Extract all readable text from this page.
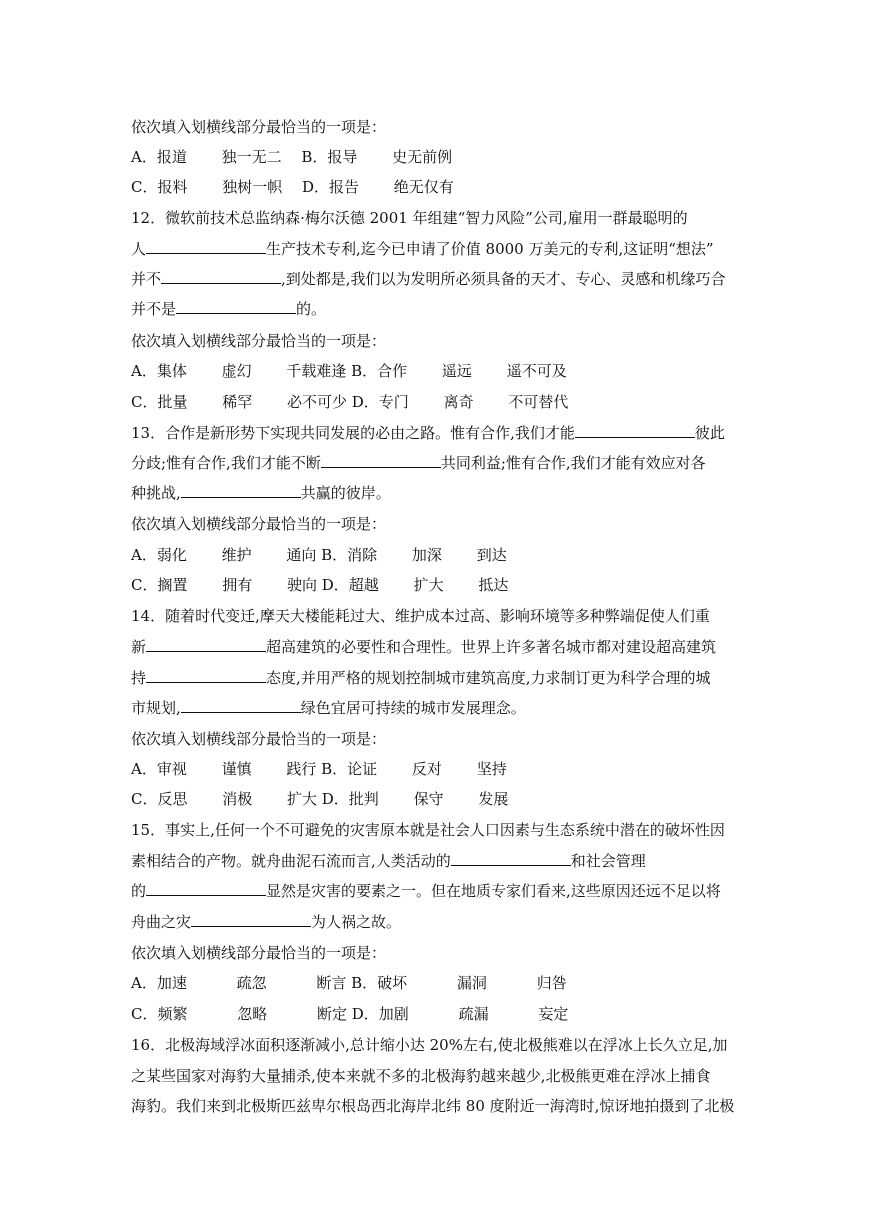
依次填入划横线部分最恰当的一项是：
A．报道　　 独一无二　 B．报导　　 史无前例
C．报料　　 独树一帜　 D．报告　　 绝无仅有
12．微软前技术总监纳森·梅尔沃德 2001 年组建“智力风险”公司,雇用一群最聪明的
人	生产技术专利,迄今已申请了价值 8000 万美元的专利,这证明“想法”
并不	,到处都是,我们以为发明所必须具备的天才、专心、灵感和机缘巧合
并不是	的。
依次填入划横线部分最恰当的一项是：
A．集体　　 虚幻　　 千载难逢 B．合作　　 遥远　　 遥不可及
C．批量　　 稀罕　　 必不可少 D．专门　　 离奇　　 不可替代
13．合作是新形势下实现共同发展的必由之路。惟有合作,我们才能	彼此
分歧;惟有合作,我们才能不断	共同利益;惟有合作,我们才能有效应对各
种挑战,	共赢的彼岸。
依次填入划横线部分最恰当的一项是：
A．弱化　　 维护　　 通向 B．消除　　 加深　　 到达
C．搁置　　 拥有　　 驶向 D．超越　　 扩大　　 抵达
14．随着时代变迁,摩天大楼能耗过大、维护成本过高、影响环境等多种弊端促使人们重
新	超高建筑的必要性和合理性。世界上许多著名城市都对建设超高建筑
持	态度,并用严格的规划控制城市建筑高度,力求制订更为科学合理的城
市规划,	绿色宜居可持续的城市发展理念。
依次填入划横线部分最恰当的一项是：
A．审视　　 谨慎　　 践行 B．论证　　 反对　　 坚持
C．反思　　 消极　　 扩大 D．批判　　 保守　　 发展
15．事实上,任何一个不可避免的灾害原本就是社会人口因素与生态系统中潜在的破坏性因
素相结合的产物。就舟曲泥石流而言,人类活动的	和社会管理
的	显然是灾害的要素之一。但在地质专家们看来,这些原因还远不足以将
舟曲之灾	为人祸之故。
依次填入划横线部分最恰当的一项是：
A．加速　　　 疏忽　　　 断言 B．破坏　　　 漏洞　　　 归咎
C．频繁　　　 忽略　　　 断定 D．加剧　　　 疏漏　　　 妄定
16．北极海域浮冰面积逐渐减小,总计缩小达 20%左右,使北极熊难以在浮冰上长久立足,加
之某些国家对海豹大量捕杀,使本来就不多的北极海豹越来越少,北极熊更难在浮冰上捕食
海豹。我们来到北极斯匹兹卑尔根岛西北海岸北纬 80 度附近一海湾时,惊讶地拍摄到了北极
